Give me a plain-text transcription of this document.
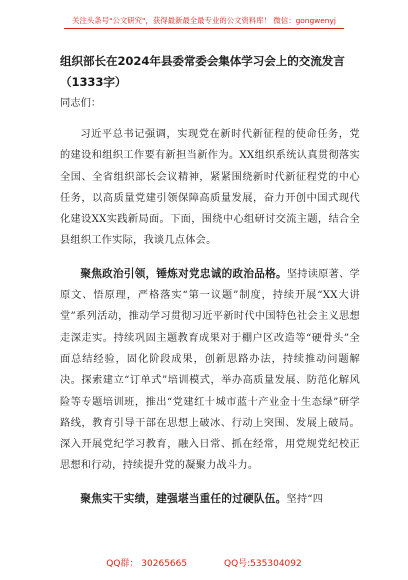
关注头条号"公文研究"，获得最新最全最专业的公文资料库！ 微信：gongwenyj
组织部长在2024年县委常委会集体学习会上的交流发言
（1333字）
同志们：

习近平总书记强调，实现党在新时代新征程的使命任务，党的建设和组织工作要有新担当新作为。XX组织系统认真贯彻落实全国、全省组织部长会议精神，紧紧围绕新时代新征程党的中心任务，以高质量党建引领保障高质量发展，奋力开创中国式现代化建设XX实践新局面。下面，围绕中心组研讨交流主题，结合全县组织工作实际，我谈几点体会。

聚焦政治引领，锤炼对党忠诚的政治品格。坚持读原著、学原文、悟原理，严格落实“第一议题”制度，持续开展“XX大讲堂”系列活动，推动学习贯彻习近平新时代中国特色社会主义思想走深走实。持续巩固主题教育成果对于棚户区改造等“硬骨头”全面总结经验，固化阶段成果，创新思路办法，持续推动问题解决。探索建立“订单式”培训模式，举办高质量发展、防范化解风险等专题培训班，推出“党建红十城市蓝十产业金十生态绿”研学路线，教育引导干部在思想上破冰、行动上突围、发展上破局。深入开展党纪学习教育，融入日常、抓在经常，用党规党纪校正思想和行动，持续提升党的凝聚力战斗力。

聚焦实干实绩，建强堪当重任的过硬队伍。坚持“四

QQ群： 30265665	QQ号:535304092
